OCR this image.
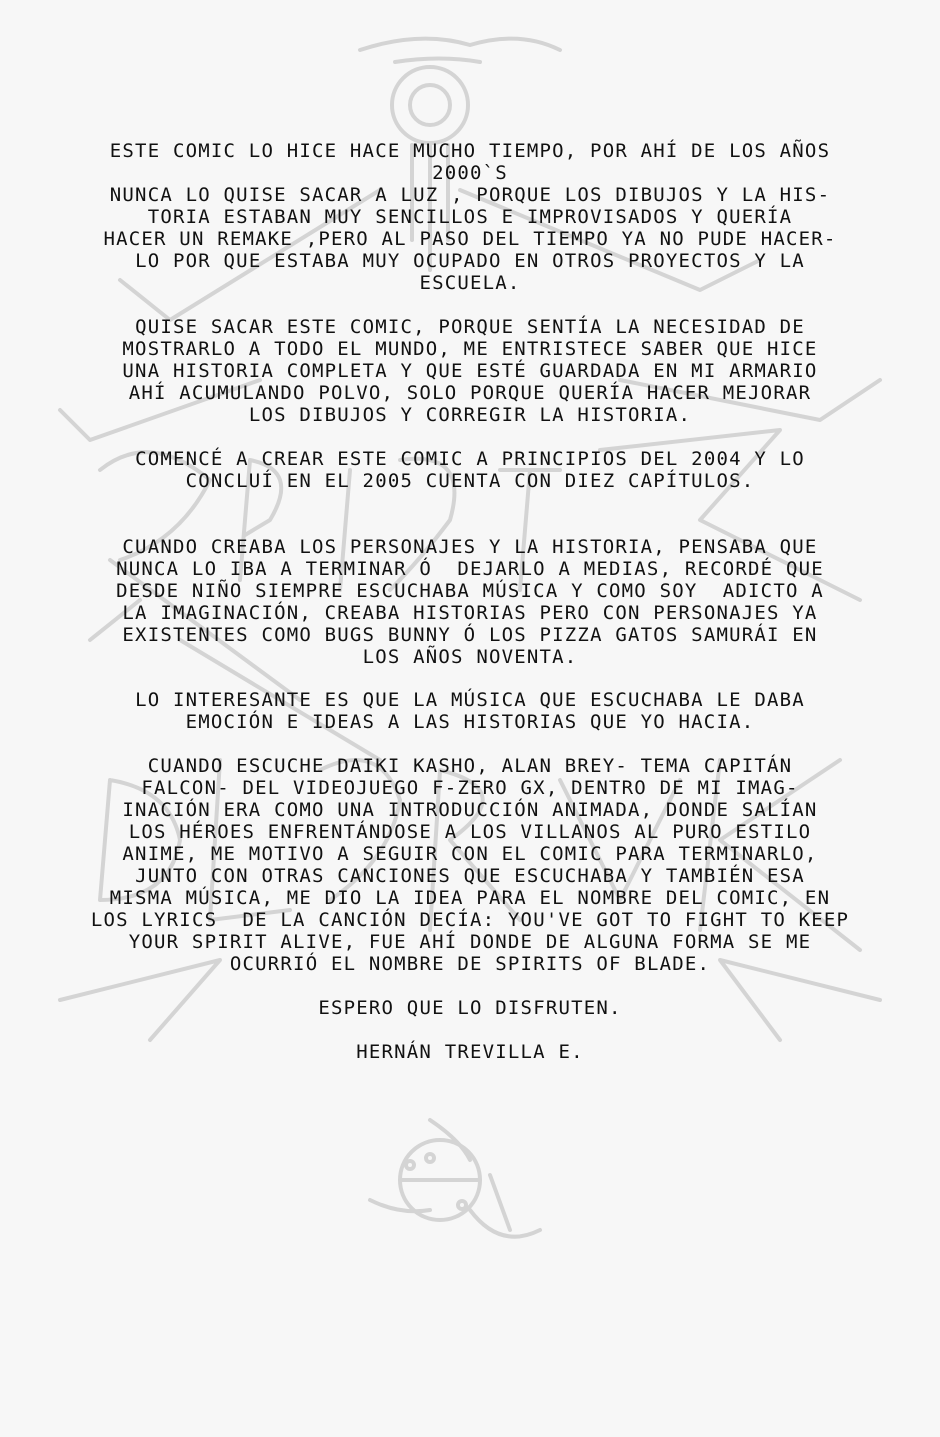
ESTE COMIC LO HICE HACE MUCHO TIEMPO, POR AHÍ DE LOS AÑOS
2000`S
NUNCA LO QUISE SACAR A LUZ , PORQUE LOS DIBUJOS Y LA HIS-
TORIA ESTABAN MUY SENCILLOS E IMPROVISADOS Y QUERÍA
HACER UN REMAKE ,PERO AL PASO DEL TIEMPO YA NO PUDE HACER-
LO POR QUE ESTABA MUY OCUPADO EN OTROS PROYECTOS Y LA
ESCUELA.
QUISE SACAR ESTE COMIC, PORQUE SENTÍA LA NECESIDAD DE
MOSTRARLO A TODO EL MUNDO, ME ENTRISTECE SABER QUE HICE
UNA HISTORIA COMPLETA Y QUE ESTÉ GUARDADA EN MI ARMARIO
AHÍ ACUMULANDO POLVO, SOLO PORQUE QUERÍA HACER MEJORAR
LOS DIBUJOS Y CORREGIR LA HISTORIA.
COMENCÉ A CREAR ESTE COMIC A PRINCIPIOS DEL 2004 Y LO
CONCLUÍ EN EL 2005 CUENTA CON DIEZ CAPÍTULOS.
CUANDO CREABA LOS PERSONAJES Y LA HISTORIA, PENSABA QUE
NUNCA LO IBA A TERMINAR Ó  DEJARLO A MEDIAS, RECORDÉ QUE
DESDE NIÑO SIEMPRE ESCUCHABA MÚSICA Y COMO SOY  ADICTO A
LA IMAGINACIÓN, CREABA HISTORIAS PERO CON PERSONAJES YA
EXISTENTES COMO BUGS BUNNY Ó LOS PIZZA GATOS SAMURÁI EN
LOS AÑOS NOVENTA.
LO INTERESANTE ES QUE LA MÚSICA QUE ESCUCHABA LE DABA
EMOCIÓN E IDEAS A LAS HISTORIAS QUE YO HACIA.
CUANDO ESCUCHE DAIKI KASHO, ALAN BREY- TEMA CAPITÁN
FALCON- DEL VIDEOJUEGO F-ZERO GX, DENTRO DE MI IMAG-
INACIÓN ERA COMO UNA INTRODUCCIÓN ANIMADA, DONDE SALÍAN
LOS HÉROES ENFRENTÁNDOSE A LOS VILLANOS AL PURO ESTILO
ANIME, ME MOTIVO A SEGUIR CON EL COMIC PARA TERMINARLO,
JUNTO CON OTRAS CANCIONES QUE ESCUCHABA Y TAMBIÉN ESA
MISMA MÚSICA, ME DIO LA IDEA PARA EL NOMBRE DEL COMIC, EN
LOS LYRICS  DE LA CANCIÓN DECÍA: YOU'VE GOT TO FIGHT TO KEEP
YOUR SPIRIT ALIVE, FUE AHÍ DONDE DE ALGUNA FORMA SE ME
OCURRIÓ EL NOMBRE DE SPIRITS OF BLADE.
ESPERO QUE LO DISFRUTEN.
HERNÁN TREVILLA E.
